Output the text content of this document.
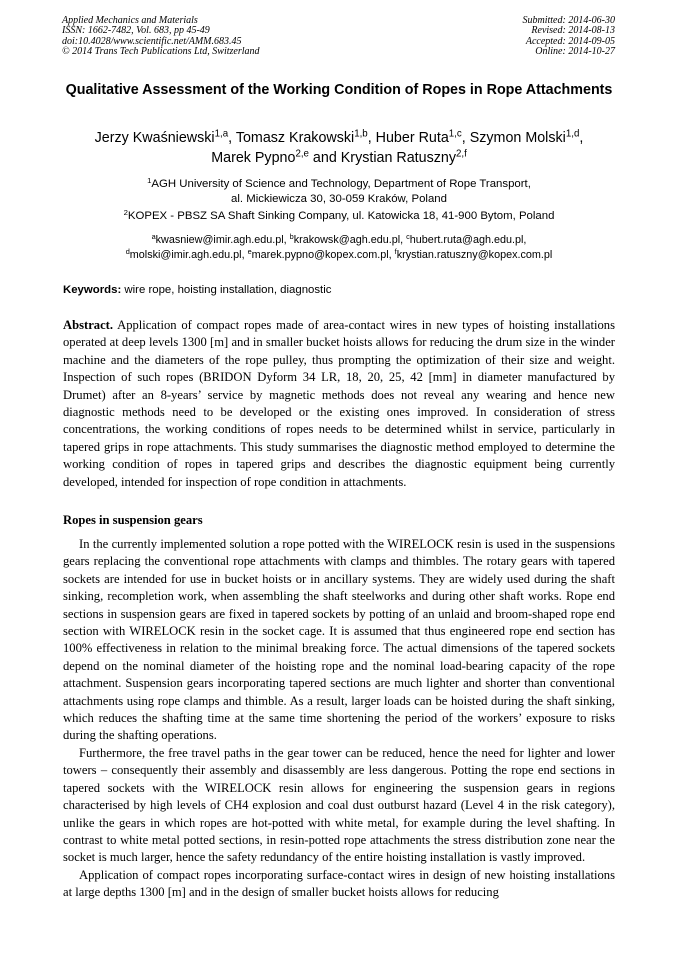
Applied Mechanics and Materials
ISSN: 1662-7482, Vol. 683, pp 45-49
doi:10.4028/www.scientific.net/AMM.683.45
© 2014 Trans Tech Publications Ltd, Switzerland
Submitted: 2014-06-30
Revised: 2014-08-13
Accepted: 2014-09-05
Online: 2014-10-27
Qualitative Assessment of the Working Condition of Ropes in Rope Attachments
Jerzy Kwaśniewski$^{1,a}$, Tomasz Krakowski$^{1,b}$, Huber Ruta$^{1,c}$, Szymon Molski$^{1,d}$,
Marek Pypno$^{2,e}$ and Krystian Ratuszny$^{2,f}$
$^1$AGH University of Science and Technology, Department of Rope Transport,
al. Mickiewicza 30, 30-059 Kraków, Poland
$^2$KOPEX - PBSZ SA Shaft Sinking Company, ul. Katowicka 18, 41-900 Bytom, Poland
$^a$kwasniew@imir.agh.edu.pl, $^b$krakowsk@agh.edu.pl, $^c$hubert.ruta@agh.edu.pl,
$^d$molski@imir.agh.edu.pl, $^e$marek.pypno@kopex.com.pl, $^f$krystian.ratuszny@kopex.com.pl
Keywords: wire rope, hoisting installation, diagnostic

Abstract. Application of compact ropes made of area-contact wires in new types of hoisting installations operated at deep levels 1300 [m] and in smaller bucket hoists allows for reducing the drum size in the winder machine and the diameters of the rope pulley, thus prompting the optimization of their size and weight. Inspection of such ropes (BRIDON Dyform 34 LR, 18, 20, 25, 42 [mm] in diameter manufactured by Drumet) after an 8-years’ service by magnetic methods does not reveal any wearing and hence new diagnostic methods need to be developed or the existing ones improved. In consideration of stress concentrations, the working conditions of ropes needs to be determined whilst in service, particularly in tapered grips in rope attachments. This study summarises the diagnostic method employed to determine the working condition of ropes in tapered grips and describes the diagnostic equipment being currently developed, intended for inspection of rope condition in attachments.

Ropes in suspension gears

In the currently implemented solution a rope potted with the WIRELOCK resin is used in the suspensions gears replacing the conventional rope attachments with clamps and thimbles. The rotary gears with tapered sockets are intended for use in bucket hoists or in ancillary systems. They are widely used during the shaft sinking, recompletion work, when assembling the shaft steelworks and during other shaft works. Rope end sections in suspension gears are fixed in tapered sockets by potting of an unlaid and broom-shaped rope end section with WIRELOCK resin in the socket cage. It is assumed that thus engineered rope end section has 100% effectiveness in relation to the minimal breaking force. The actual dimensions of the tapered sockets depend on the nominal diameter of the hoisting rope and the nominal load-bearing capacity of the rope attachment. Suspension gears incorporating tapered sections are much lighter and shorter than conventional attachments using rope clamps and thimble. As a result, larger loads can be hoisted during the shaft sinking, which reduces the shafting time at the same time shortening the period of the workers’ exposure to risks during the shafting operations.

Furthermore, the free travel paths in the gear tower can be reduced, hence the need for lighter and lower towers – consequently their assembly and disassembly are less dangerous. Potting the rope end sections in tapered sockets with the WIRELOCK resin allows for engineering the suspension gears in regions characterised by high levels of CH4 explosion and coal dust outburst hazard (Level 4 in the risk category), unlike the gears in which ropes are hot-potted with white metal, for example during the level shafting. In contrast to white metal potted sections, in resin-potted rope attachments the stress distribution zone near the socket is much larger, hence the safety redundancy of the entire hoisting installation is vastly improved.

Application of compact ropes incorporating surface-contact wires in design of new hoisting installations at large depths 1300 [m] and in the design of smaller bucket hoists allows for reducing
